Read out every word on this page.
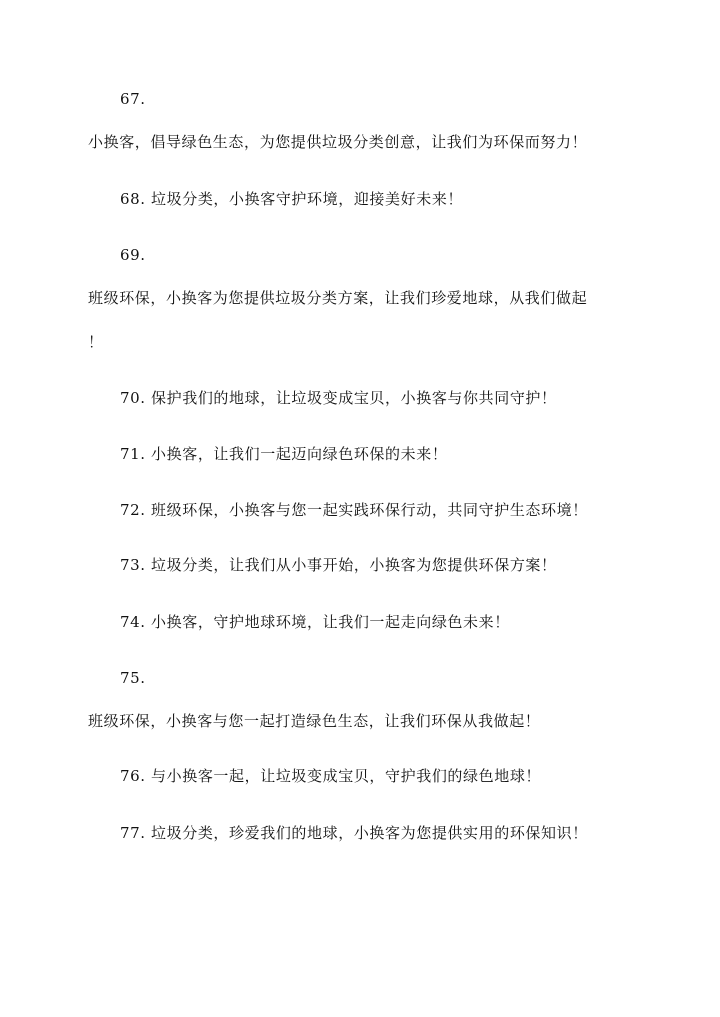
67.
小换客，倡导绿色生态，为您提供垃圾分类创意，让我们为环保而努力！
68. 垃圾分类，小换客守护环境，迎接美好未来！
69.
班级环保，小换客为您提供垃圾分类方案，让我们珍爱地球，从我们做起
！
70. 保护我们的地球，让垃圾变成宝贝，小换客与你共同守护！
71. 小换客，让我们一起迈向绿色环保的未来！
72. 班级环保，小换客与您一起实践环保行动，共同守护生态环境！
73. 垃圾分类，让我们从小事开始，小换客为您提供环保方案！
74. 小换客，守护地球环境，让我们一起走向绿色未来！
75.
班级环保，小换客与您一起打造绿色生态，让我们环保从我做起！
76. 与小换客一起，让垃圾变成宝贝，守护我们的绿色地球！
77. 垃圾分类，珍爱我们的地球，小换客为您提供实用的环保知识！
